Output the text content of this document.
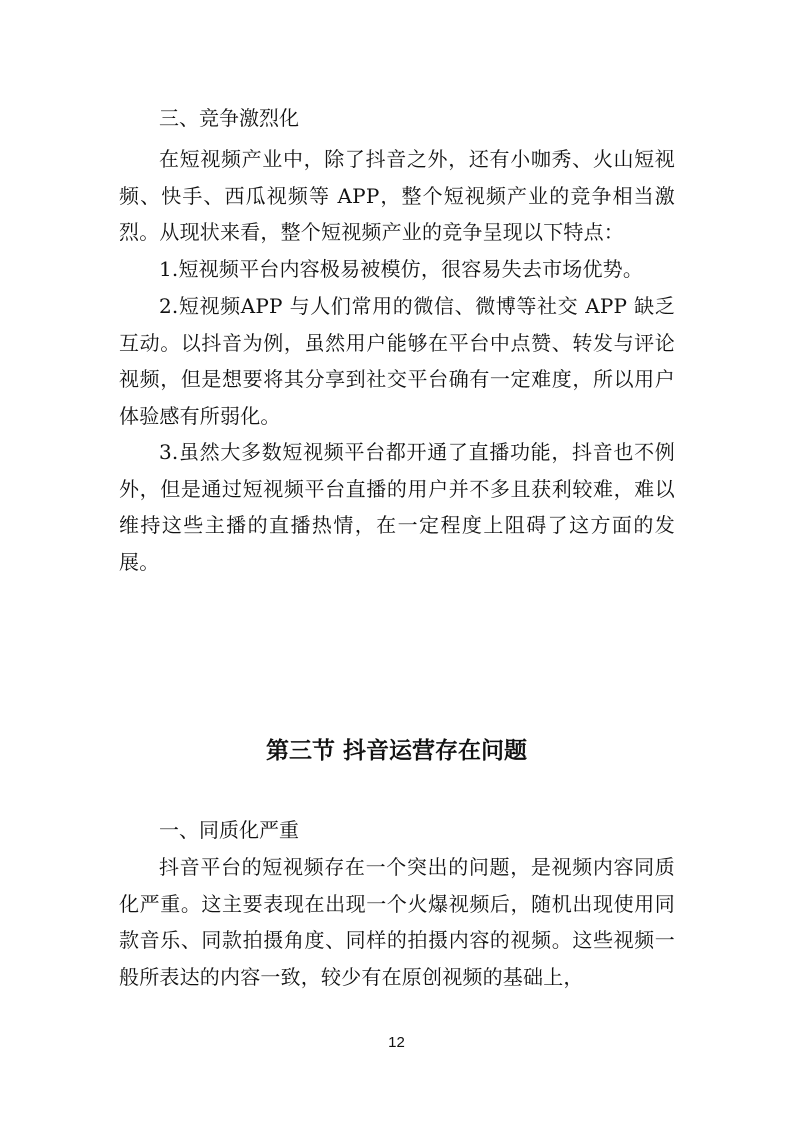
三、竞争激烈化

在短视频产业中，除了抖音之外，还有小咖秀、火山短视频、快手、西瓜视频等 APP，整个短视频产业的竞争相当激烈。从现状来看，整个短视频产业的竞争呈现以下特点：

1.短视频平台内容极易被模仿，很容易失去市场优势。

2.短视频APP 与人们常用的微信、微博等社交 APP 缺乏互动。以抖音为例，虽然用户能够在平台中点赞、转发与评论视频，但是想要将其分享到社交平台确有一定难度，所以用户体验感有所弱化。

3.虽然大多数短视频平台都开通了直播功能，抖音也不例外，但是通过短视频平台直播的用户并不多且获利较难，难以维持这些主播的直播热情，在一定程度上阻碍了这方面的发展。

第三节 抖音运营存在问题

一、同质化严重

抖音平台的短视频存在一个突出的问题，是视频内容同质化严重。这主要表现在出现一个火爆视频后，随机出现使用同款音乐、同款拍摄角度、同样的拍摄内容的视频。这些视频一般所表达的内容一致，较少有在原创视频的基础上，

12
